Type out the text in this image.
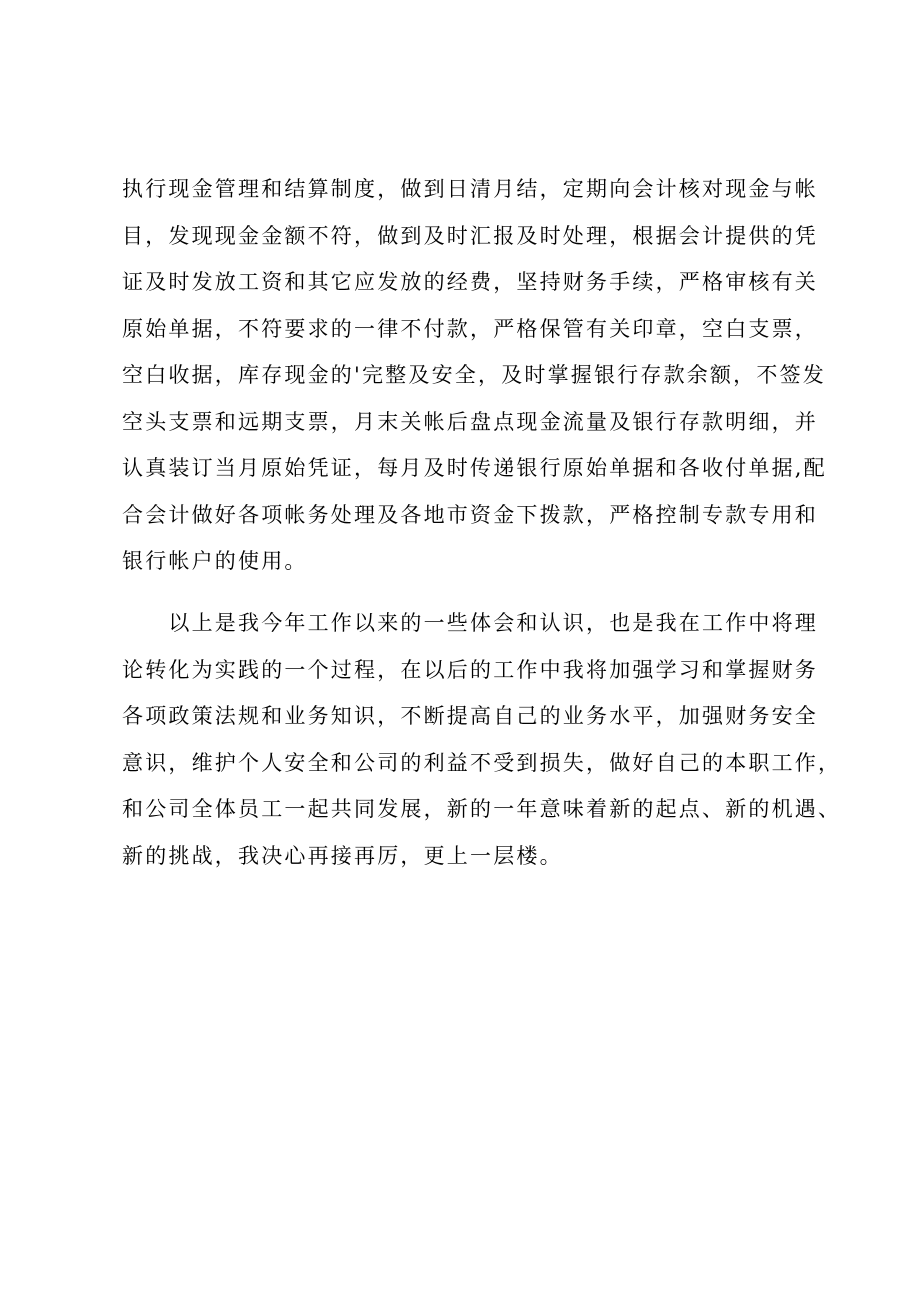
执行现金管理和结算制度，做到日清月结，定期向会计核对现金与帐
目，发现现金金额不符，做到及时汇报及时处理，根据会计提供的凭
证及时发放工资和其它应发放的经费，坚持财务手续，严格审核有关
原始单据，不符要求的一律不付款，严格保管有关印章，空白支票，
空白收据，库存现金的'完整及安全，及时掌握银行存款余额，不签发
空头支票和远期支票，月末关帐后盘点现金流量及银行存款明细，并
认真装订当月原始凭证，每月及时传递银行原始单据和各收付单据,配
合会计做好各项帐务处理及各地市资金下拨款，严格控制专款专用和
银行帐户的使用。
　　以上是我今年工作以来的一些体会和认识，也是我在工作中将理
论转化为实践的一个过程，在以后的工作中我将加强学习和掌握财务
各项政策法规和业务知识，不断提高自己的业务水平，加强财务安全
意识，维护个人安全和公司的利益不受到损失，做好自己的本职工作，
和公司全体员工一起共同发展，新的一年意味着新的起点、新的机遇、
新的挑战，我决心再接再厉，更上一层楼。
